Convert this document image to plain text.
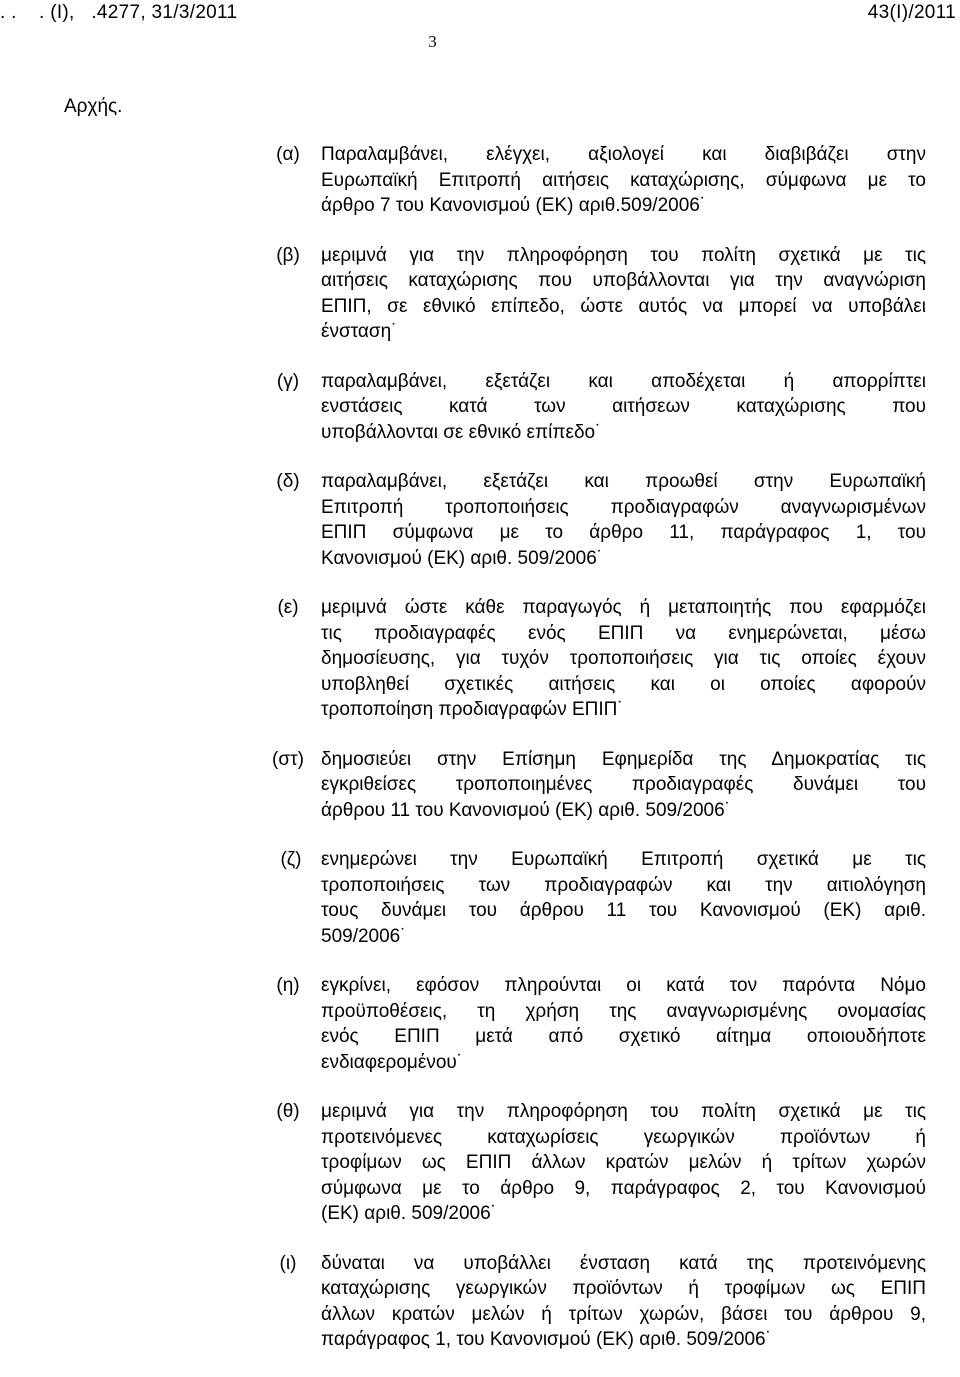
. .    . (Ι),   .4277, 31/3/2011	43(Ι)/2011
3
Αρχής.
(α)	Παραλαμβάνει, ελέγχει, αξιολογεί και διαβιβάζει στην
Ευρωπαϊκή Επιτροπή αιτήσεις καταχώρισης, σύμφωνα με το
άρθρο 7 του Κανονισμού (ΕΚ) αριθ.509/2006˙
(β)	μεριμνά για την πληροφόρηση του πολίτη σχετικά με τις
αιτήσεις καταχώρισης που υποβάλλονται για την αναγνώριση
ΕΠΙΠ, σε εθνικό επίπεδο, ώστε αυτός να μπορεί να υποβάλει
ένσταση˙
(γ)	παραλαμβάνει, εξετάζει και αποδέχεται ή απορρίπτει
ενστάσεις κατά των αιτήσεων καταχώρισης που
υποβάλλονται σε εθνικό επίπεδο˙
(δ)	παραλαμβάνει, εξετάζει και προωθεί στην Ευρωπαϊκή
Επιτροπή τροποποιήσεις προδιαγραφών αναγνωρισμένων
ΕΠΙΠ σύμφωνα με το άρθρο 11, παράγραφος 1, του
Κανονισμού (ΕΚ) αριθ. 509/2006˙
(ε)	μεριμνά ώστε κάθε παραγωγός ή μεταποιητής που εφαρμόζει
τις προδιαγραφές ενός ΕΠΙΠ να ενημερώνεται, μέσω
δημοσίευσης, για τυχόν τροποποιήσεις για τις οποίες έχουν
υποβληθεί σχετικές αιτήσεις και οι οποίες αφορούν
τροποποίηση προδιαγραφών ΕΠΙΠ˙
(στ) δημοσιεύει στην Επίσημη Εφημερίδα της Δημοκρατίας τις
εγκριθείσες τροποποιημένες προδιαγραφές δυνάμει του
άρθρου 11 του Κανονισμού (ΕΚ) αριθ. 509/2006˙
(ζ)	ενημερώνει την Ευρωπαϊκή Επιτροπή σχετικά με τις
τροποποιήσεις των προδιαγραφών και την αιτιολόγηση
τους δυνάμει του άρθρου 11 του Κανονισμού (ΕΚ) αριθ.
509/2006˙
(η)	εγκρίνει, εφόσον πληρούνται οι κατά τον παρόντα Νόμο
προϋποθέσεις, τη χρήση της αναγνωρισμένης ονομασίας
ενός ΕΠΙΠ μετά από σχετικό αίτημα οποιουδήποτε
ενδιαφερομένου˙
(θ)	μεριμνά για την πληροφόρηση του πολίτη σχετικά με τις
προτεινόμενες καταχωρίσεις γεωργικών προϊόντων ή
τροφίμων ως ΕΠΙΠ άλλων κρατών μελών ή τρίτων χωρών
σύμφωνα με το άρθρο 9, παράγραφος 2, του Κανονισμού
(ΕΚ) αριθ. 509/2006˙
(ι)	δύναται να υποβάλλει ένσταση κατά της προτεινόμενης
καταχώρισης γεωργικών προϊόντων ή τροφίμων ως ΕΠΙΠ
άλλων κρατών μελών ή τρίτων χωρών, βάσει του άρθρου 9,
παράγραφος 1, του Κανονισμού (ΕΚ) αριθ. 509/2006˙
